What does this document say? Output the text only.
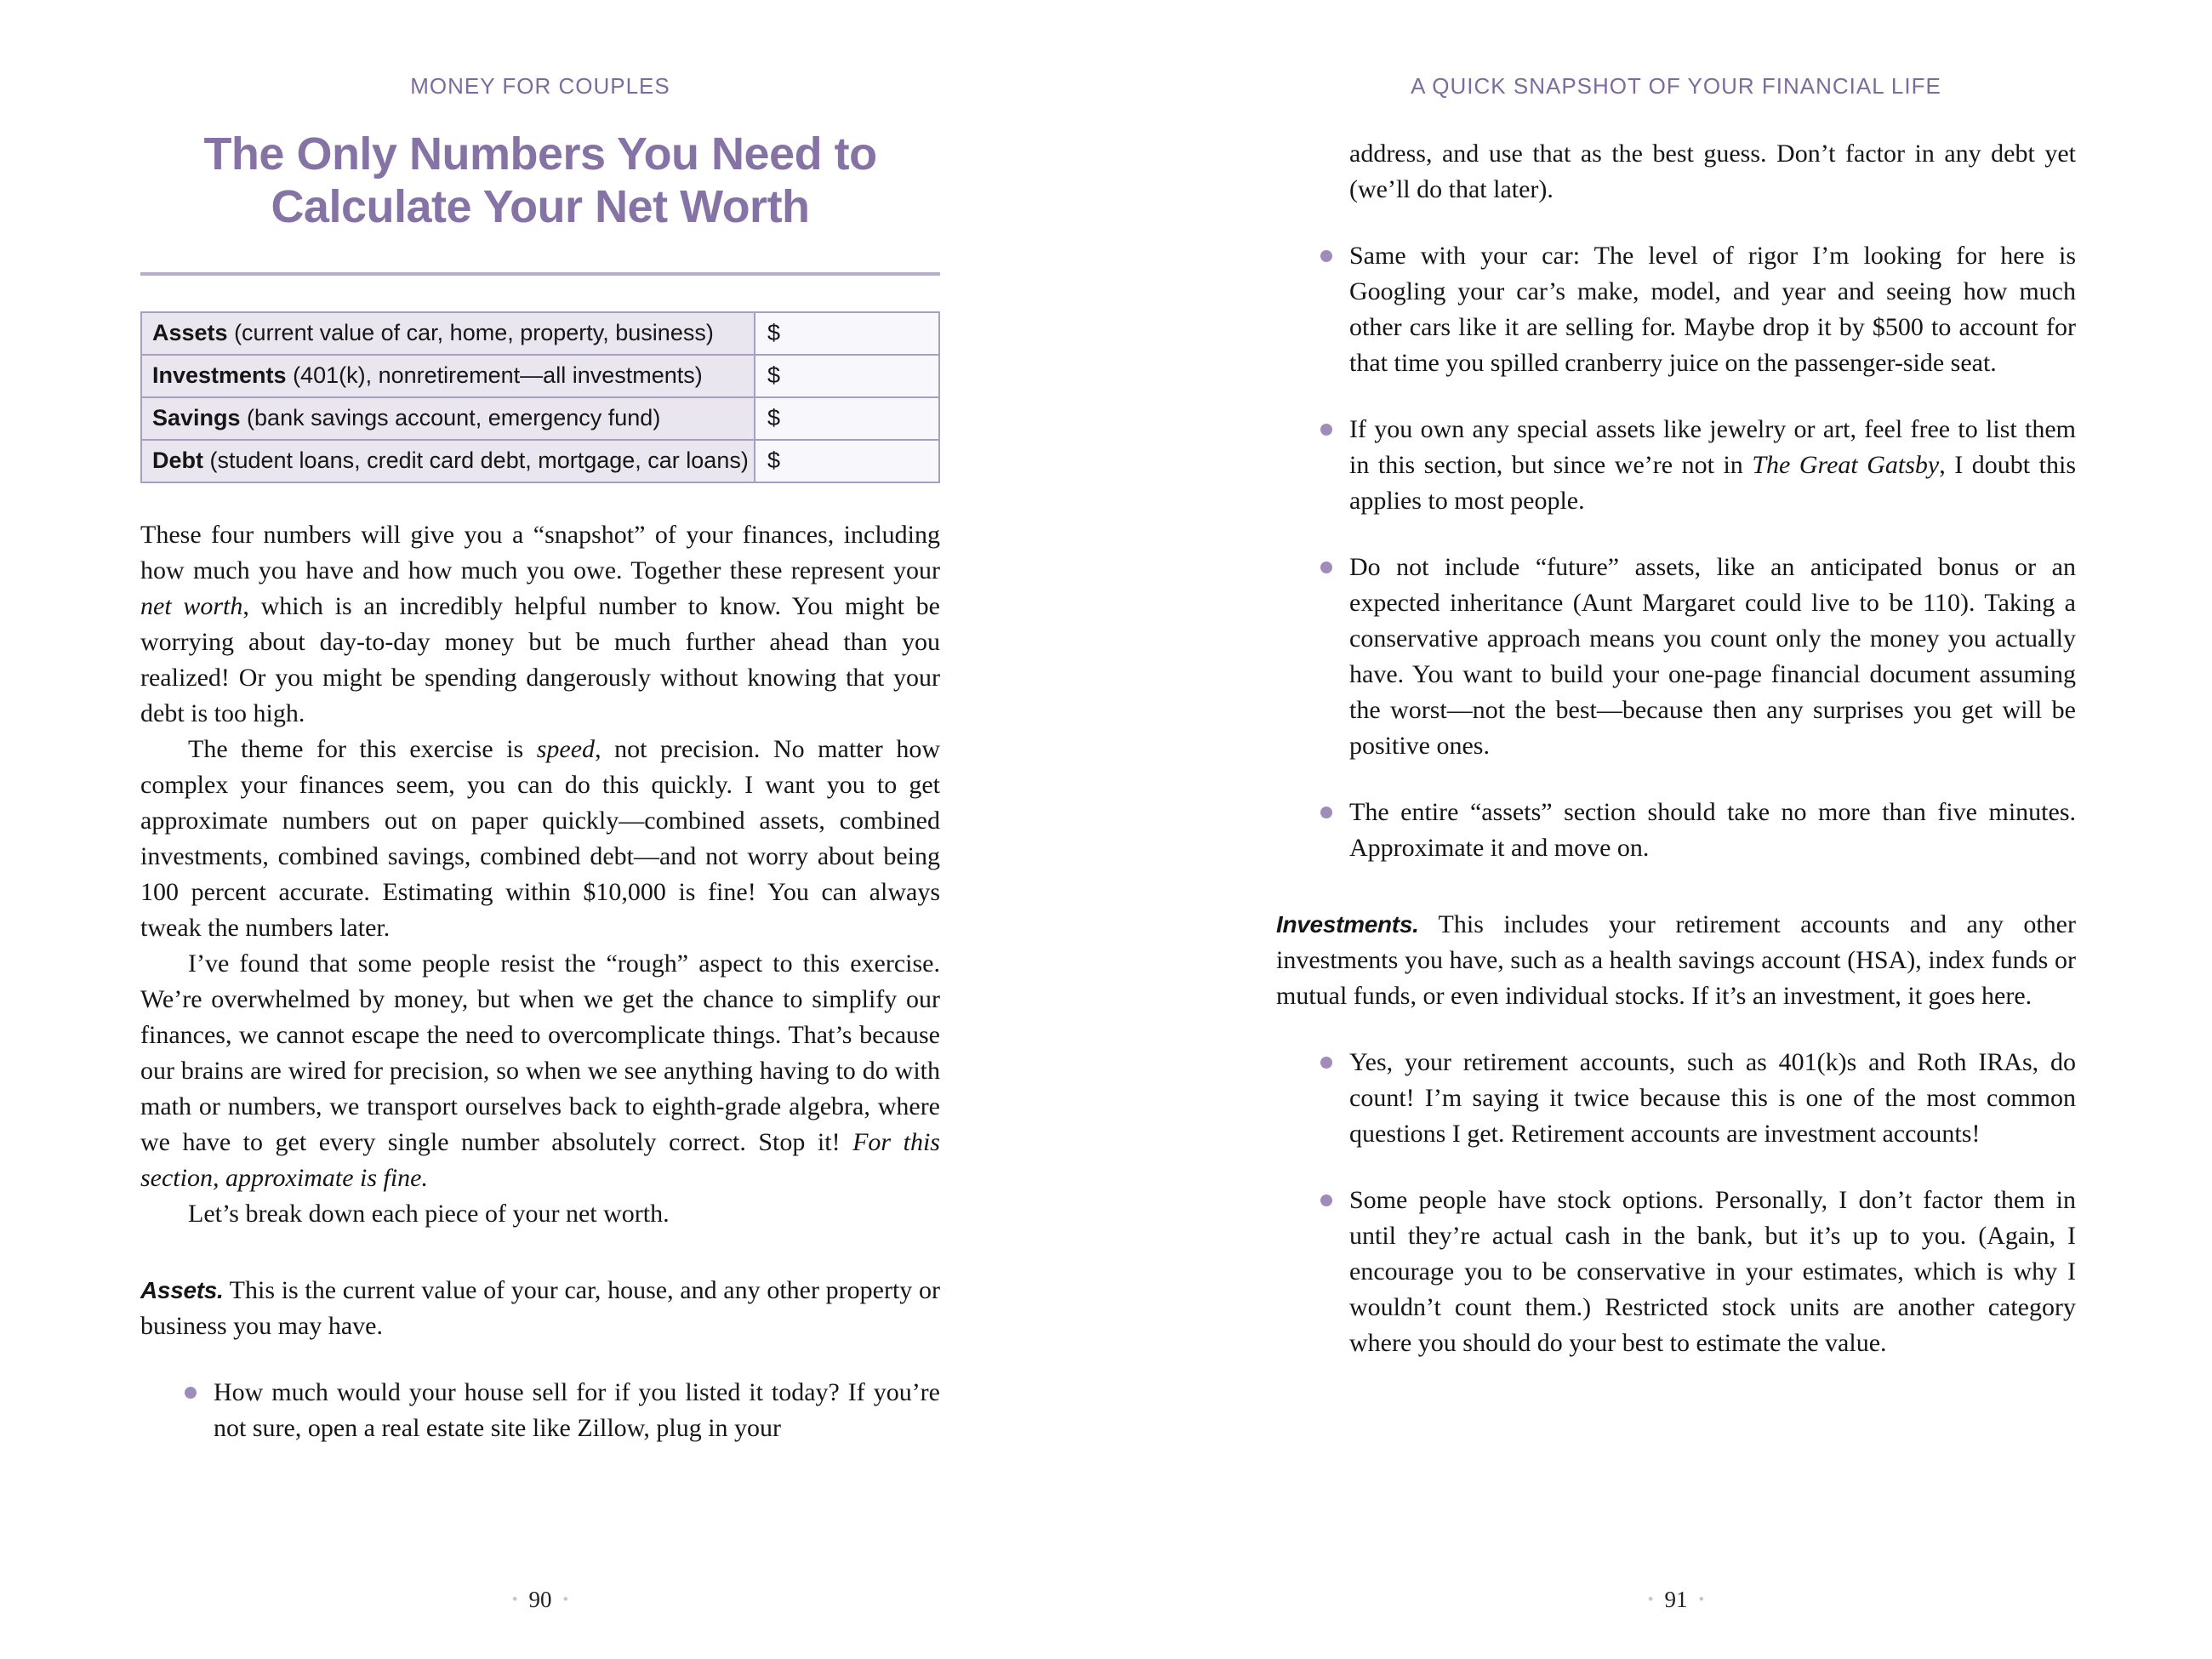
MONEY FOR COUPLES
The Only Numbers You Need to
Calculate Your Net Worth
Assets (current value of car, home, property, business)	$
Investments (401(k), nonretirement—all investments)	$
Savings (bank savings account, emergency fund)	$
Debt (student loans, credit card debt, mortgage, car loans) $

These four numbers will give you a “snapshot” of your finances, including how much you have and how much you owe. Together these represent your net worth, which is an incredibly helpful number to know. You might be worrying about day-to-day money but be much further ahead than you realized! Or you might be spending dangerously without knowing that your debt is too high.

The theme for this exercise is speed, not precision. No matter how complex your finances seem, you can do this quickly. I want you to get approximate numbers out on paper quickly—combined assets, combined investments, combined savings, combined debt—and not worry about being 100 percent accurate. Estimating within $10,000 is fine! You can always tweak the numbers later.

I’ve found that some people resist the “rough” aspect to this exercise. We’re overwhelmed by money, but when we get the chance to simplify our finances, we cannot escape the need to overcomplicate things. That’s because our brains are wired for precision, so when we see anything having to do with math or numbers, we transport ourselves back to eighth-grade algebra, where we have to get every single number absolutely correct. Stop it! For this section, approximate is fine.

Let’s break down each piece of your net worth.

Assets. This is the current value of your car, house, and any other property or business you may have.

How much would your house sell for if you listed it today? If you’re not sure, open a real estate site like Zillow, plug in your

• 90 •
A QUICK SNAPSHOT OF YOUR FINANCIAL LIFE

address, and use that as the best guess. Don’t factor in any debt yet (we’ll do that later).

Same with your car: The level of rigor I’m looking for here is Googling your car’s make, model, and year and seeing how much other cars like it are selling for. Maybe drop it by $500 to account for that time you spilled cranberry juice on the passenger-side seat.

If you own any special assets like jewelry or art, feel free to list them in this section, but since we’re not in The Great Gatsby, I doubt this applies to most people.

Do not include “future” assets, like an anticipated bonus or an expected inheritance (Aunt Margaret could live to be 110). Taking a conservative approach means you count only the money you actually have. You want to build your one-page financial document assuming the worst—not the best—because then any surprises you get will be positive ones.

The entire “assets” section should take no more than five minutes. Approximate it and move on.

Investments. This includes your retirement accounts and any other investments you have, such as a health savings account (HSA), index funds or mutual funds, or even individual stocks. If it’s an investment, it goes here.

Yes, your retirement accounts, such as 401(k)s and Roth IRAs, do count! I’m saying it twice because this is one of the most common questions I get. Retirement accounts are investment accounts!

Some people have stock options. Personally, I don’t factor them in until they’re actual cash in the bank, but it’s up to you. (Again, I encourage you to be conservative in your estimates, which is why I wouldn’t count them.) Restricted stock units are another category where you should do your best to estimate the value.

• 91 •
